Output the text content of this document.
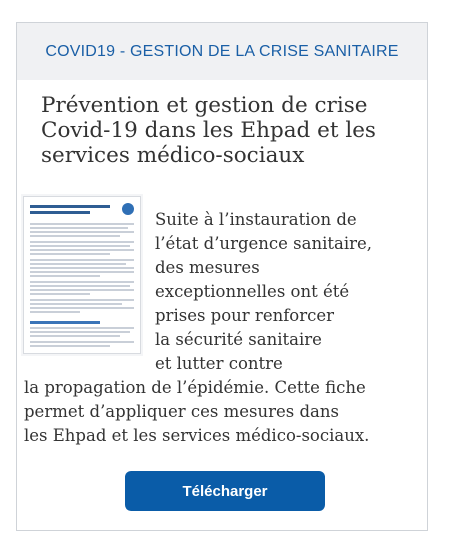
COVID19 - GESTION DE LA CRISE SANITAIRE
Prévention et gestion de crise Covid-19 dans les Ehpad et les services médico-sociaux
Suite à l’instauration de
l’état d’urgence sanitaire,
des mesures
exceptionnelles ont été
prises pour renforcer
la sécurité sanitaire
et lutter contre
la propagation de l’épidémie. Cette fiche
permet d’appliquer ces mesures dans
les Ehpad et les services médico-sociaux.
Télécharger
